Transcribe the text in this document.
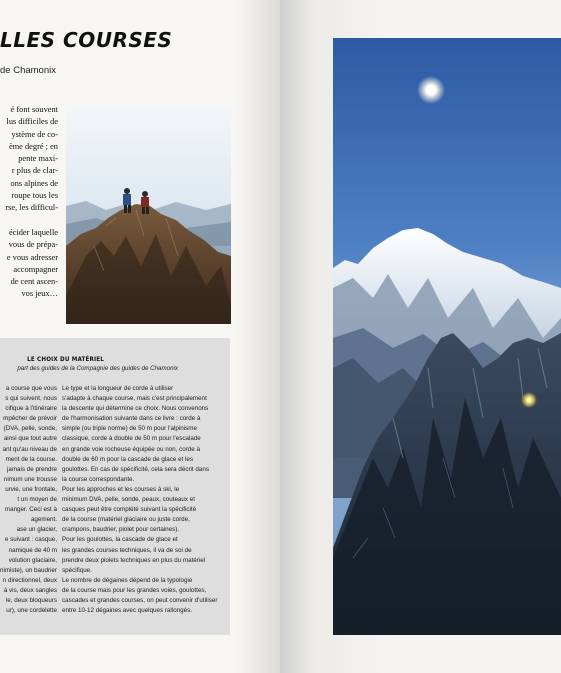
LLES COURSES
de Chamonix
é font souvent
lus difficiles de
ystème de co-
ème degré ; en
pente maxi-
r plus de clar-
ons alpines de
roupe tous les
rse, les difficul-
écider laquelle
vous de prépa-
e vous adresser
accompagner
de cent ascen-
vos jeux…
LE CHOIX DU MATÉRIEL
part des guides de la Compagnie des guides de Chamonix
a course que vous
s qui suivent, nous
cifique à l'itinéraire
mpêcher de prévoir
(DVA, pelle, sonde,
ainsi que tout autre
ant qu'au niveau de
ment de la course.
jamais de prendre
nimum une trousse
urvie, une frontale,
t un moyen de
manger. Ceci est à
agement.
ase un glacier,
e suivant : casque,
namique de 40 m
volution glaciaire,
nimiste), un baudrier
n directionnel, deux
à vis, deux sangles
le, deux bloqueurs
ur), une cordelette
Le type et la longueur de corde à utiliser
s'adapte à chaque course, mais c'est principalement
la descente qui détermine ce choix. Nous convenons
de l'harmonisation suivante dans ce livre : corde à
simple (ou triple norme) de 50 m pour l'alpinisme
classique, corde à double de 50 m pour l'escalade
en grande voie rocheuse équipée ou non, corde à
double de 60 m pour la cascade de glace et les
goulottes. En cas de spécificité, cela sera décrit dans
la course correspondante.
Pour les approches et les courses à ski, le
minimum DVA, pelle, sonde, peaux, couteaux et
casques peut être complété suivant la spécificité
de la course (matériel glaciaire ou juste corde,
crampons, baudrier, piolet pour certaines).
Pour les goulottes, la cascade de glace et
les grandes courses techniques, il va de soi de
prendre deux piolets techniques en plus du matériel
spécifique.
Le nombre de dégaines dépend de la typologie
de la course mais pour les grandes voies, goulottes,
cascades et grandes courses, on peut convenir d'utiliser
entre 10-12 dégaines avec quelques rallongés.
